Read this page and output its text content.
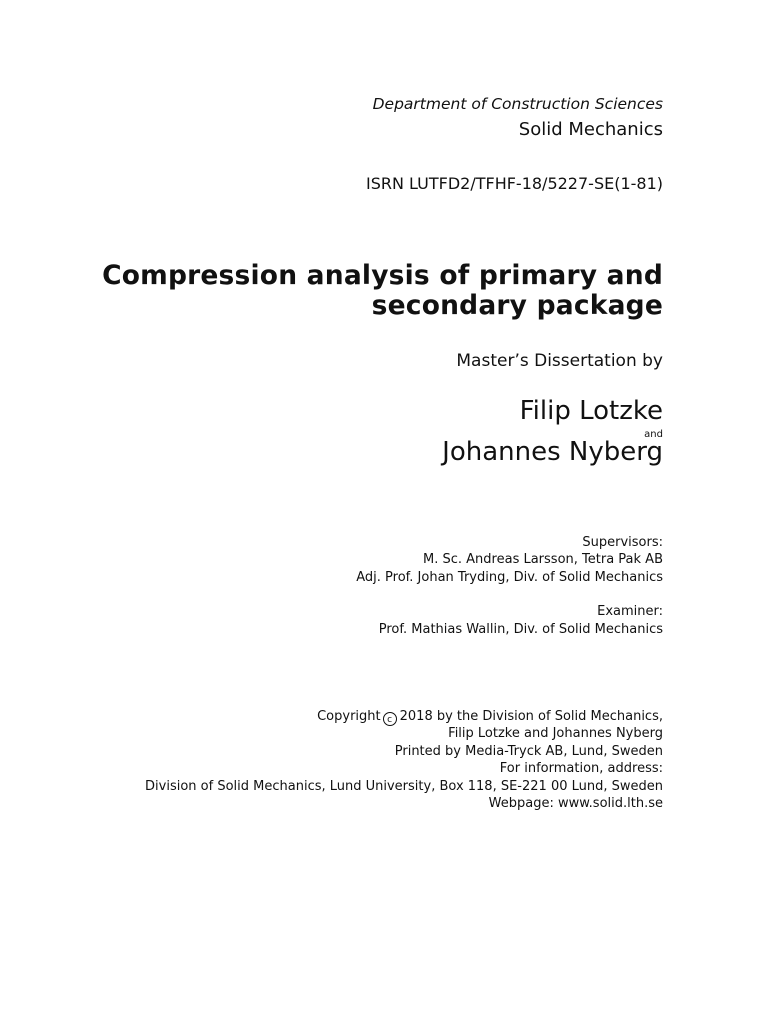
Department of Construction Sciences
Solid Mechanics
ISRN LUTFD2/TFHF-18/5227-SE(1-81)
Compression analysis of primary and
secondary package
Master’s Dissertation by
Filip Lotzke
and
Johannes Nyberg
Supervisors:
M. Sc. Andreas Larsson, Tetra Pak AB
Adj. Prof. Johan Tryding, Div. of Solid Mechanics
Examiner:
Prof. Mathias Wallin, Div. of Solid Mechanics
Copyright c 2018 by the Division of Solid Mechanics,
Filip Lotzke and Johannes Nyberg
Printed by Media-Tryck AB, Lund, Sweden
For information, address:
Division of Solid Mechanics, Lund University, Box 118, SE-221 00 Lund, Sweden
Webpage: www.solid.lth.se
